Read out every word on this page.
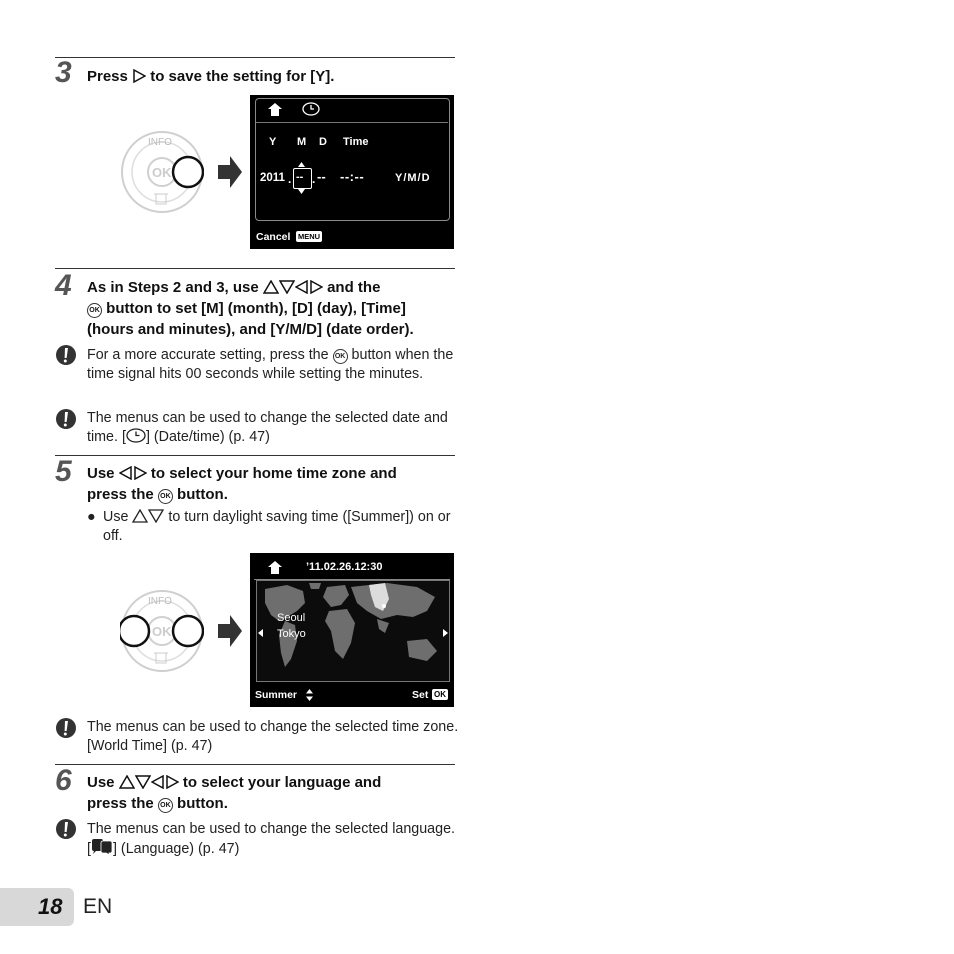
3 Press to save the setting for [Y].
INFO
OK
Y M D Time
2011 . -- . -- --:--	Y/M/D
Cancel MENU
4 As in Steps 2 and 3, use	and the
OK button to set [M] (month), [D] (day), [Time]
(hours and minutes), and [Y/M/D] (date order).
For a more accurate setting, press the OK button when the time signal hits 00 seconds while setting the minutes.
The menus can be used to change the selected date and time. [ ] (Date/time) (p. 47)
5 Use to select your home time zone and
press the OK button.
● Use	to turn daylight saving time ([Summer]) on or off.
INFO
OK
’11.02.26.12:30
Seoul
Tokyo
Summer	Set OK
The menus can be used to change the selected time zone. [World Time] (p. 47)
6 Use	to select your language and
press the OK button.
The menus can be used to change the selected language. [ ] (Language) (p. 47)
18 EN
